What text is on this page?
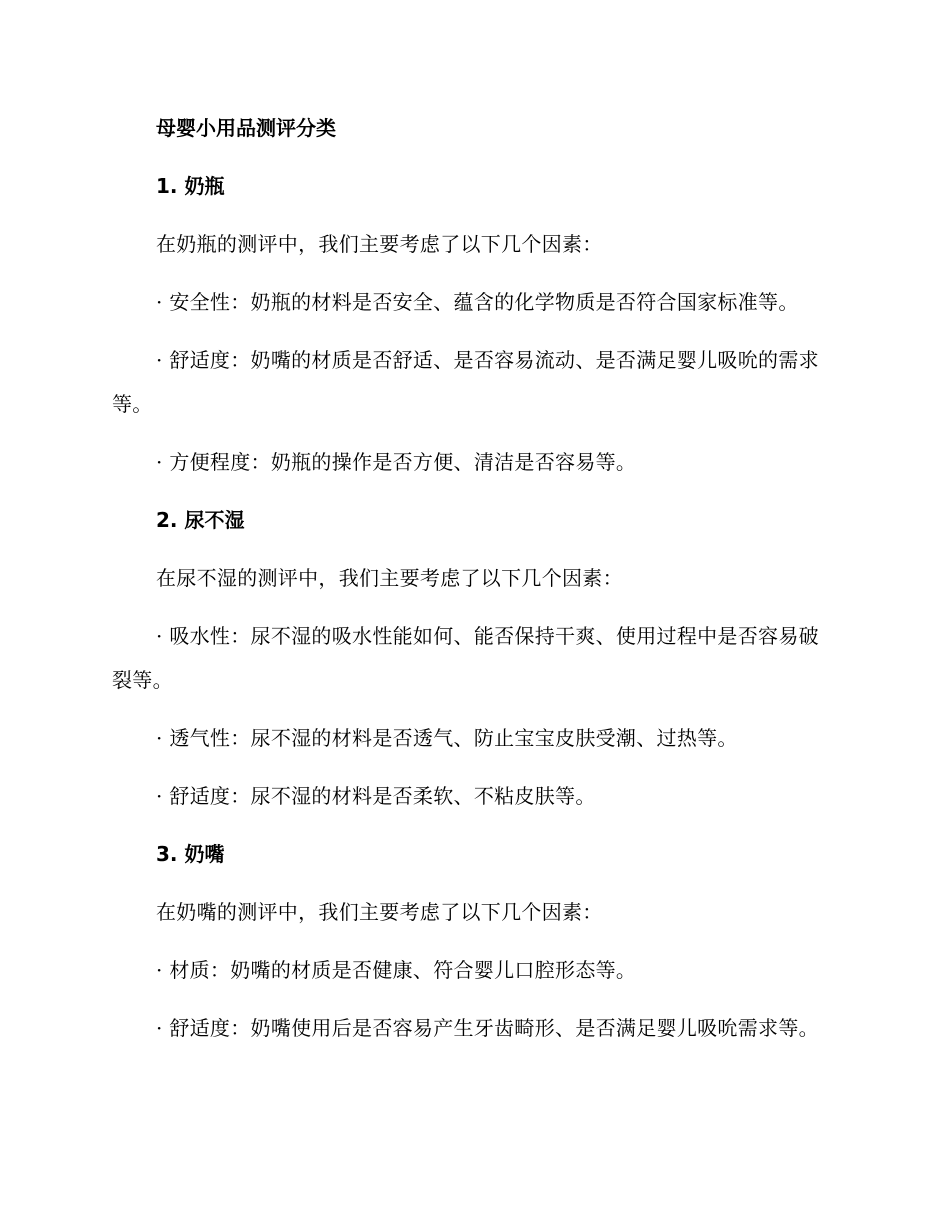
母婴小用品测评分类

1. 奶瓶

在奶瓶的测评中，我们主要考虑了以下几个因素：

· 安全性：奶瓶的材料是否安全、蕴含的化学物质是否符合国家标准等。

· 舒适度：奶嘴的材质是否舒适、是否容易流动、是否满足婴儿吸吮的需求等。

· 方便程度：奶瓶的操作是否方便、清洁是否容易等。

2. 尿不湿

在尿不湿的测评中，我们主要考虑了以下几个因素：

· 吸水性：尿不湿的吸水性能如何、能否保持干爽、使用过程中是否容易破裂等。

· 透气性：尿不湿的材料是否透气、防止宝宝皮肤受潮、过热等。

· 舒适度：尿不湿的材料是否柔软、不粘皮肤等。

3. 奶嘴

在奶嘴的测评中，我们主要考虑了以下几个因素：

· 材质：奶嘴的材质是否健康、符合婴儿口腔形态等。

· 舒适度：奶嘴使用后是否容易产生牙齿畸形、是否满足婴儿吸吮需求等。
